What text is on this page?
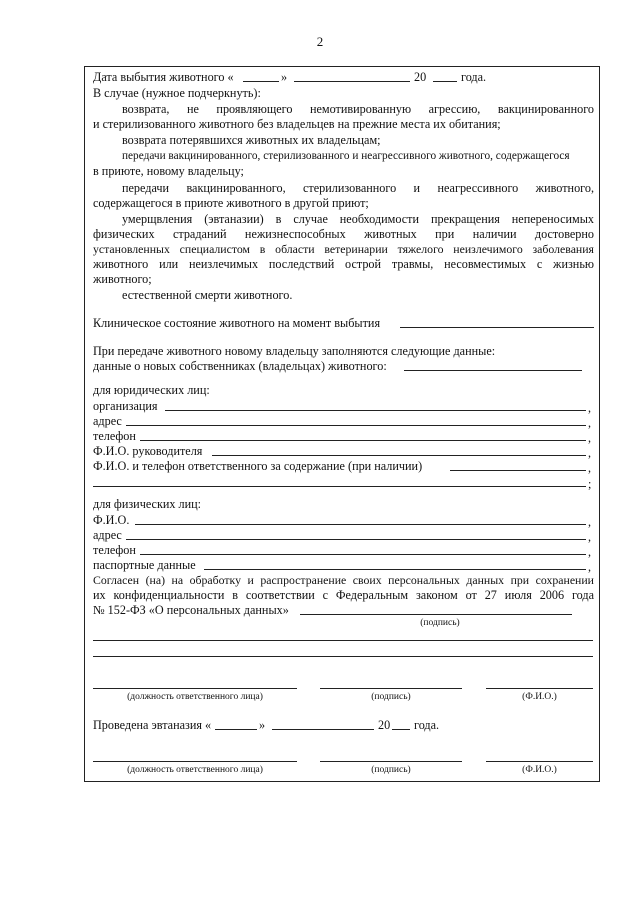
2
Дата выбытия животного «	»	20	года.
В случае (нужное подчеркнуть):
возврата, не проявляющего немотивированную агрессию, вакцинированного
и стерилизованного животного без владельцев на прежние места их обитания;
возврата потерявшихся животных их владельцам;
передачи вакцинированного, стерилизованного и неагрессивного животного, содержащегося
в приюте, новому владельцу;
передачи вакцинированного, стерилизованного и неагрессивного животного,
содержащегося в приюте животного в другой приют;
умерщвления (эвтаназии) в случае необходимости прекращения непереносимых
физических страданий нежизнеспособных животных при наличии достоверно
установленных специалистом в области ветеринарии тяжелого неизлечимого заболевания
животного или неизлечимых последствий острой травмы, несовместимых с жизнью
животного;
естественной смерти животного.
Клиническое состояние животного на момент выбытия
При передаче животного новому владельцу заполняются следующие данные:
данные о новых собственниках (владельцах) животного:
для юридических лиц:
организация	,
адрес	,
телефон	,
Ф.И.О. руководителя	,
Ф.И.О. и телефон ответственного за содержание (при наличии)	,
;
для физических лиц:
Ф.И.О.	,
адрес	,
телефон	,
паспортные данные	,
Согласен (на) на обработку и распространение своих персональных данных при сохранении
их конфиденциальности в соответствии с Федеральным законом от 27 июля 2006 года
№ 152-ФЗ «О персональных данных»
(подпись)
(должность ответственного лица)	(подпись)	(Ф.И.О.)
Проведена эвтаназия «	»	20 года.
(должность ответственного лица)	(подпись)	(Ф.И.О.)
